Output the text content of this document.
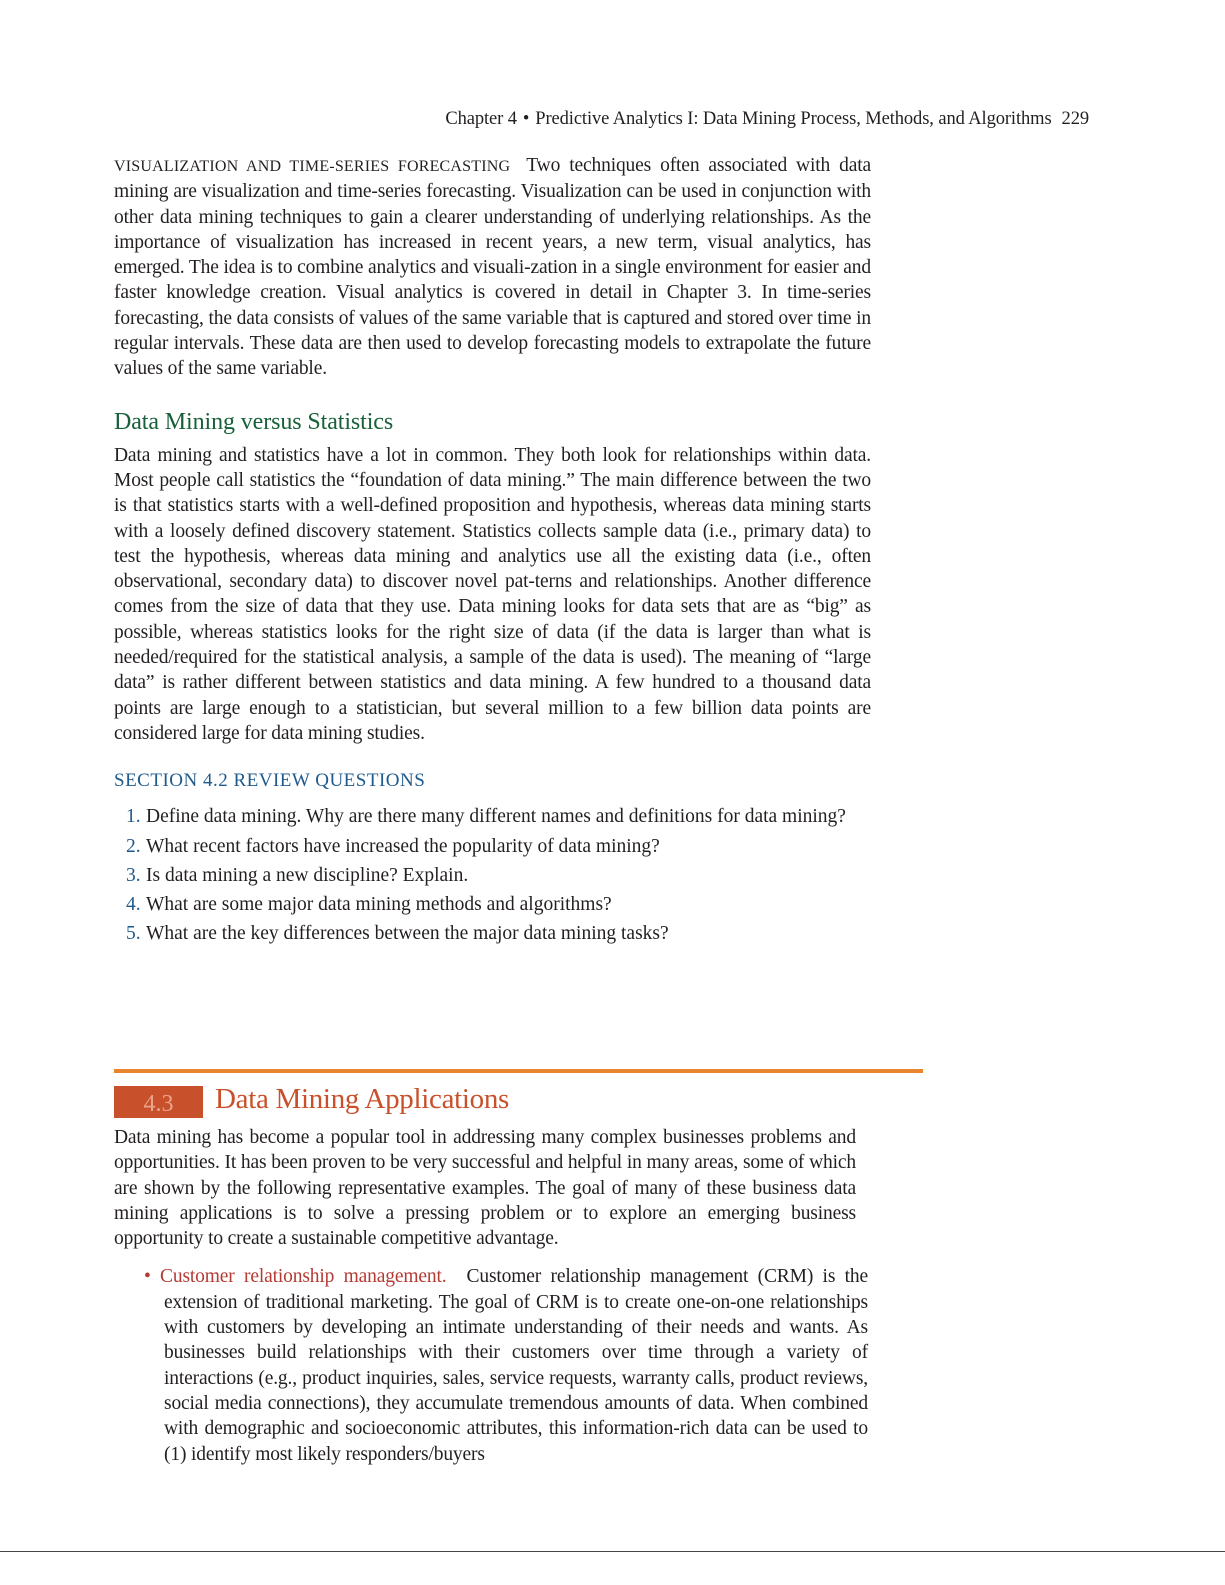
Chapter 4 • Predictive Analytics I: Data Mining Process, Methods, and Algorithms 229

VISUALIZATION AND TIME-SERIES FORECASTING Two techniques often associated with data mining are visualization and time-series forecasting. Visualization can be used in conjunction with other data mining techniques to gain a clearer understanding of underlying relationships. As the importance of visualization has increased in recent years, a new term, visual analytics, has emerged. The idea is to combine analytics and visuali-zation in a single environment for easier and faster knowledge creation. Visual analytics is covered in detail in Chapter 3. In time-series forecasting, the data consists of values of the same variable that is captured and stored over time in regular intervals. These data are then used to develop forecasting models to extrapolate the future values of the same variable.

Data Mining versus Statistics

Data mining and statistics have a lot in common. They both look for relationships within data. Most people call statistics the “foundation of data mining.” The main difference between the two is that statistics starts with a well-defined proposition and hypothesis, whereas data mining starts with a loosely defined discovery statement. Statistics collects sample data (i.e., primary data) to test the hypothesis, whereas data mining and analytics use all the existing data (i.e., often observational, secondary data) to discover novel pat-terns and relationships. Another difference comes from the size of data that they use. Data mining looks for data sets that are as “big” as possible, whereas statistics looks for the right size of data (if the data is larger than what is needed/required for the statistical analysis, a sample of the data is used). The meaning of “large data” is rather different between statistics and data mining. A few hundred to a thousand data points are large enough to a statistician, but several million to a few billion data points are considered large for data mining studies.

SECTION 4.2 REVIEW QUESTIONS
1. Define data mining. Why are there many different names and definitions for data mining?
2. What recent factors have increased the popularity of data mining?
3. Is data mining a new discipline? Explain.
4. What are some major data mining methods and algorithms?
5. What are the key differences between the major data mining tasks?
4.3	Data Mining Applications

Data mining has become a popular tool in addressing many complex businesses problems and opportunities. It has been proven to be very successful and helpful in many areas, some of which are shown by the following representative examples. The goal of many of these business data mining applications is to solve a pressing problem or to explore an emerging business opportunity to create a sustainable competitive advantage.

• Customer relationship management. Customer relationship management (CRM) is the extension of traditional marketing. The goal of CRM is to create one-on-one relationships with customers by developing an intimate understanding of their needs and wants. As businesses build relationships with their customers over time through a variety of interactions (e.g., product inquiries, sales, service requests, warranty calls, product reviews, social media connections), they accumulate tremendous amounts of data. When combined with demographic and socioeconomic attributes, this information-rich data can be used to (1) identify most likely responders/buyers
